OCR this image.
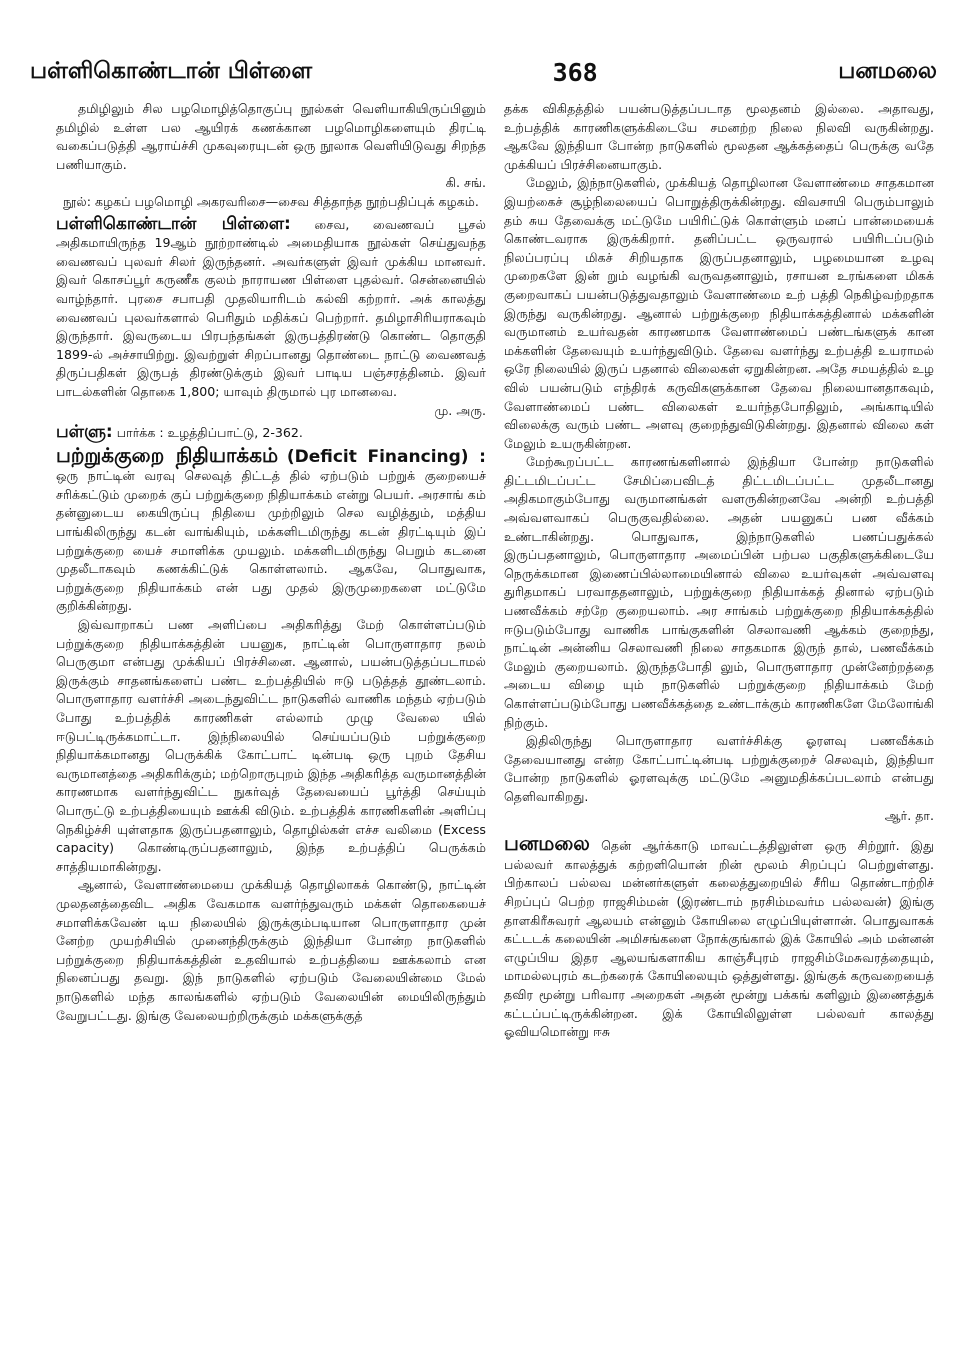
பள்ளிகொண்டான் பிள்ளை	368	பனமலை

தமிழிலும் சில பழமொழித்தொகுப்பு நூல்கள் வெளியாகியிருப்பினும் தமிழில் உள்ள பல ஆயிரக் கணக்கான பழமொழிகளையும் திரட்டி வகைப்படுத்தி ஆராய்ச்சி முகவுரையுடன் ஒரு நூலாக வெளியிடுவது சிறந்த பணியாகும்.

கி. சங்.

நூல்: கழகப் பழமொழி அகரவரிசை—சைவ சித்தாந்த நூற்பதிப்புக் கழகம்.

பள்ளிகொண்டான் பிள்ளை: சைவ, வைணவப் பூசல் அதிகமாயிருந்த 19ஆம் நூற்றாண்டில் அமைதியாக நூல்கள் செய்துவந்த வைணவப் புலவர் சிலர் இருந்தனர். அவர்களுள் இவர் முக்கிய மானவர். இவர் கொசப்பூர் கருணீக குலம் நாராயண பிள்ளை புதல்வர். சென்னையில் வாழ்ந்தார். புரசை சபாபதி முதலியாரிடம் கல்வி கற்றார். அக் காலத்து வைணவப் புலவர்களால் பெரிதும் மதிக்கப் பெற்றார். தமிழாசிரியராகவும் இருந்தார். இவருடைய பிரபந்தங்கள் இருபத்திரண்டு கொண்ட தொகுதி 1899-ல் அச்சாயிற்று. இவற்றுள் சிறப்பானது தொண்டை நாட்டு வைணவத் திருப்பதிகள் இருபத் திரண்டுக்கும் இவர் பாடிய பஞ்சரத்தினம். இவர் பாடல்களின் தொகை 1,800; யாவும் திருமால் புர மானவை.

மு. அரு.

பள்ளு: பார்க்க : உழத்திப்பாட்டு, 2-362.

பற்றுக்குறை நிதியாக்கம் (Deficit Financing) : ஒரு நாட்டின் வரவு செலவுத் திட்டத் தில் ஏற்படும் பற்றுக் குறையைச் சரிக்கட்டும் முறைக் குப் பற்றுக்குறை நிதியாக்கம் என்று பெயர். அரசாங் கம் தன்னுடைய கையிருப்பு நிதியை முற்றிலும் செல வழித்தும், மத்திய பாங்கிலிருந்து கடன் வாங்கியும், மக்களிடமிருந்து கடன் திரட்டியும் இப் பற்றுக்குறை யைச் சமாளிக்க முயலும். மக்களிடமிருந்து பெறும் கடனை முதலீடாகவும் கணக்கிட்டுக் கொள்ளலாம். ஆகவே, பொதுவாக, பற்றுக்குறை நிதியாக்கம் என் பது முதல் இருமுறைகளை மட்டுமே குறிக்கின்றது.

இவ்வாறாகப் பண அளிப்பை அதிகரித்து மேற் கொள்ளப்படும் பற்றுக்குறை நிதியாக்கத்தின் பயனுக, நாட்டின் பொருளாதார நலம் பெருகுமா என்பது முக்கியப் பிரச்சினை. ஆனால், பயன்படுத்தப்படாமல் இருக்கும் சாதனங்களைப் பண்ட உற்பத்தியில் ஈடு படுத்தத் தூண்டலாம். பொருளாதார வளர்ச்சி அடைந்துவிட்ட நாடுகளில் வாணிக மந்தம் ஏற்படும் போது உற்பத்திக் காரணிகள் எல்லாம் முழு வேலை யில் ஈடுபட்டிருக்கமாட்டா. இந்நிலையில் செய்யப்படும் பற்றுக்குறை நிதியாக்கமானது பெருக்கிக் கோட்பாட் டின்படி ஒரு புறம் தேசிய வருமானத்தை அதிகரிக்கும்; மற்றொருபுறம் இந்த அதிகரித்த வருமானத்தின் காரணமாக வளர்ந்துவிட்ட நுகர்வுத் தேவையைப் பூர்த்தி செய்யும் பொருட்டு உற்பத்தியையும் ஊக்கி விடும். உற்பத்திக் காரணிகளின் அளிப்பு நெகிழ்ச்சி யுள்ளதாக இருப்பதனாலும், தொழில்கள் எச்ச வலிமை (Excess capacity) கொண்டிருப்பதனாலும், இந்த உற்பத்திப் பெருக்கம் சாத்தியமாகின்றது.

ஆனால், வேளாண்மையை முக்கியத் தொழிலாகக் கொண்டு, நாட்டின் முலதனத்தைவிட அதிக வேகமாக வளர்ந்துவரும் மக்கள் தொகையைச் சமாளிக்கவேண் டிய நிலையில் இருக்கும்படியான பொருளாதார முன் னேற்ற முயற்சியில் முனைந்திருக்கும் இந்தியா போன்ற நாடுகளில் பற்றுக்குறை நிதியாக்கத்தின் உதவியால் உற்பத்தியை ஊக்கலாம் என நினைப்பது தவறு. இந் நாடுகளில் ஏற்படும் வேலையின்மை மேல் நாடுகளில் மந்த காலங்களில் ஏற்படும் வேலையின் மையிலிருந்தும் வேறுபட்டது. இங்கு வேலையற்றிருக்கும் மக்களுக்குத்

தக்க விகிதத்தில் பயன்படுத்தப்படாத மூலதனம் இல்லை. அதாவது, உற்பத்திக் காரணிகளுக்கிடையே சமனற்ற நிலை நிலவி வருகின்றது. ஆகவே இந்தியா போன்ற நாடுகளில் மூலதன ஆக்கத்தைப் பெருக்கு வதே முக்கியப் பிரச்சினையாகும்.

மேலும், இந்நாடுகளில், முக்கியத் தொழிலான வேளாண்மை சாதகமான இயற்கைச் சூழ்நிலையைப் பொறுத்திருக்கின்றது. விவசாயி பெரும்பாலும் தம் சுய தேவைக்கு மட்டுமே பயிரிட்டுக் கொள்ளும் மனப் பான்மையைக் கொண்டவராக இருக்கிறார். தனிப்பட்ட ஒருவரால் பயிரிடப்படும் நிலப்பரப்பு மிகச் சிறியதாக இருப்பதனாலும், பழமையான உழவு முறைகளே இன் றும் வழங்கி வருவதனாலும், ரசாயன உரங்களை மிகக் குறைவாகப் பயன்படுத்துவதாலும் வேளாண்மை உற் பத்தி நெகிழ்வற்றதாக இருந்து வருகின்றது. ஆனால் பற்றுக்குறை நிதியாக்கத்தினால் மக்களின் வருமானம் உயர்வதன் காரணமாக வேளாண்மைப் பண்டங்களுக் கான மக்களின் தேவையும் உயர்ந்துவிடும். தேவை வளர்ந்து உற்பத்தி உயராமல் ஒரே நிலையில் இருப் பதனால் விலைகள் ஏறுகின்றன. அதே சமயத்தில் உழ வில் பயன்படும் எந்திரக் கருவிகளுக்கான தேவை நிலையானதாகவும், வேளாண்மைப் பண்ட விலைகள் உயர்ந்தபோதிலும், அங்காடியில் விலைக்கு வரும் பண்ட அளவு குறைந்துவிடுகின்றது. இதனால் விலை கள் மேலும் உயருகின்றன.

மேற்கூறப்பட்ட காரணங்களினால் இந்தியா போன்ற நாடுகளில் திட்டமிடப்பட்ட சேமிப்பைவிடத் திட்டமிடப்பட்ட முதலீடானது அதிகமாகும்போது வருமானங்கள் வளருகின்றனவே அன்றி உற்பத்தி அவ்வளவாகப் பெருகுவதில்லை. அதன் பயனுகப் பண வீக்கம் உண்டாகின்றது. பொதுவாக, இந்நாடுகளில் பணப்பதுக்கல் இருப்பதனாலும், பொருளாதார அமைப்பின் பற்பல பகுதிகளுக்கிடையே நெருக்கமான இணைப்பில்லாமையினால் விலை உயர்வுகள் அவ்வளவு துரிதமாகப் பரவாததனாலும், பற்றுக்குறை நிதியாக்கத் தினால் ஏற்படும் பணவீக்கம் சற்றே குறையலாம். அர சாங்கம் பற்றுக்குறை நிதியாக்கத்தில் ஈடுபடும்போது வாணிக பாங்குகளின் செலாவணி ஆக்கம் குறைந்து, நாட்டின் அன்னிய செலாவணி நிலை சாதகமாக இருந் தால், பணவீக்கம் மேலும் குறையலாம். இருந்தபோதி லும், பொருளாதார முன்னேற்றத்தை அடைய விழை யும் நாடுகளில் பற்றுக்குறை நிதியாக்கம் மேற் கொள்ளப்படும்போது பணவீக்கத்தை உண்டாக்கும் காரணிகளே மேலோங்கி நிற்கும்.

இதிலிருந்து பொருளாதார வளர்ச்சிக்கு ஓரளவு பணவீக்கம் தேவையானது என்ற கோட்பாட்டின்படி பற்றுக்குறைச் செலவும், இந்தியா போன்ற நாடுகளில் ஓரளவுக்கு மட்டுமே அனுமதிக்கப்படலாம் என்பது தெளிவாகிறது.

ஆர். தா.

பனமலை தென் ஆர்க்காடு மாவட்டத்திலுள்ள ஒரு சிற்றூர். இது பல்லவர் காலத்துக் கற்றளியொன் றின் மூலம் சிறப்புப் பெற்றுள்ளது. பிற்காலப் பல்லவ மன்னர்களுள் கலைத்துறையில் சீரிய தொண்டாற்றிச் சிறப்புப் பெற்ற ராஜசிம்மன் (இரண்டாம் நரசிம்மவர்ம பல்லவன்) இங்கு தாளகிரீசுவரர் ஆலயம் என்னும் கோயிலை எழுப்பியுள்ளான். பொதுவாகக் கட்டடக் கலையின் அமிசங்களை நோக்குங்கால் இக் கோயில் அம் மன்னன் எழுப்பிய இதர ஆலயங்களாகிய காஞ்சீபுரம் ராஜசிம்மேசுவரத்தையும், மாமல்லபுரம் கடற்கரைக் கோயிலையும் ஒத்துள்ளது. இங்குக் கருவறையைத் தவிர மூன்று பரிவார அறைகள் அதன் மூன்று பக்கங் களிலும் இணைத்துக் கட்டப்பட்டிருக்கின்றன. இக் கோயிலிலுள்ள பல்லவர் காலத்து ஓவியமொன்று ஈசு
